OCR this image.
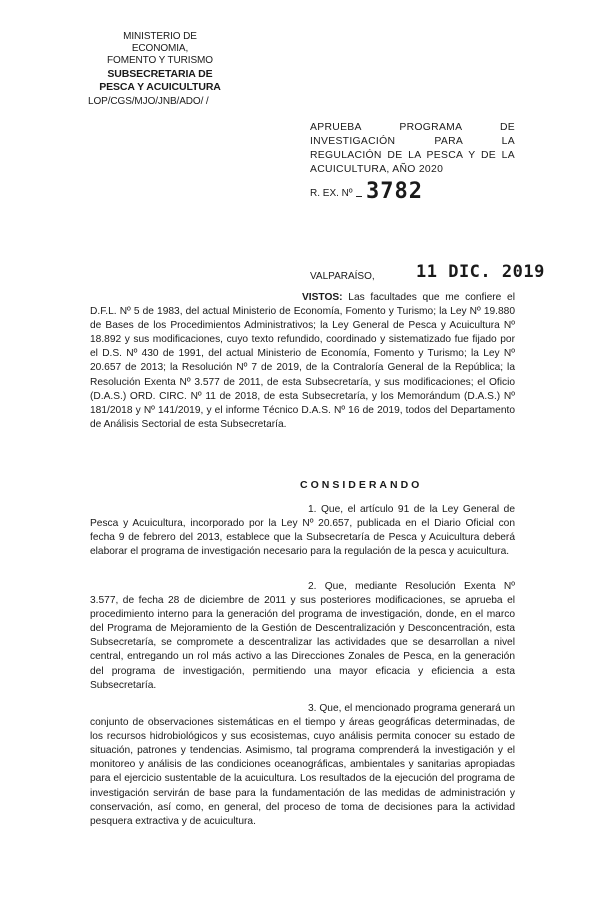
MINISTERIO DE
ECONOMIA,
FOMENTO Y TURISMO
SUBSECRETARIA DE
PESCA Y ACUICULTURA
LOP/CGS/MJO/JNB/ADO/ /
APRUEBA PROGRAMA DE INVESTIGACIÓN PARA LA REGULACIÓN DE LA PESCA Y DE LA ACUICULTURA, AÑO 2020
R. EX. Nº 3782
VALPARAÍSO, 11 DIC. 2019
VISTOS: Las facultades que me confiere el
D.F.L. Nº 5 de 1983, del actual Ministerio de Economía, Fomento y Turismo; la Ley Nº 19.880 de Bases de los Procedimientos Administrativos; la Ley General de Pesca y Acuicultura Nº 18.892 y sus modificaciones, cuyo texto refundido, coordinado y sistematizado fue fijado por el D.S. Nº 430 de 1991, del actual Ministerio de Economía, Fomento y Turismo; la Ley Nº 20.657 de 2013; la Resolución Nº 7 de 2019, de la Contraloría General de la República; la Resolución Exenta Nº 3.577 de 2011, de esta Subsecretaría, y sus modificaciones; el Oficio (D.A.S.) ORD. CIRC. Nº 11 de 2018, de esta Subsecretaría, y los Memorándum (D.A.S.) Nº 181/2018 y Nº 141/2019, y el informe Técnico D.A.S. Nº 16 de 2019, todos del Departamento de Análisis Sectorial de esta Subsecretaría.
CONSIDERANDO
1. Que, el artículo 91 de la Ley General de
Pesca y Acuicultura, incorporado por la Ley Nº 20.657, publicada en el Diario Oficial con fecha 9 de febrero del 2013, establece que la Subsecretaría de Pesca y Acuicultura deberá elaborar el programa de investigación necesario para la regulación de la pesca y acuicultura.
2. Que, mediante Resolución Exenta Nº
3.577, de fecha 28 de diciembre de 2011 y sus posteriores modificaciones, se aprueba el procedimiento interno para la generación del programa de investigación, donde, en el marco del Programa de Mejoramiento de la Gestión de Descentralización y Desconcentración, esta Subsecretaría, se compromete a descentralizar las actividades que se desarrollan a nivel central, entregando un rol más activo a las Direcciones Zonales de Pesca, en la generación del programa de investigación, permitiendo una mayor eficacia y eficiencia a esta Subsecretaría.
3. Que, el mencionado programa generará un
conjunto de observaciones sistemáticas en el tiempo y áreas geográficas determinadas, de los recursos hidrobiológicos y sus ecosistemas, cuyo análisis permita conocer su estado de situación, patrones y tendencias. Asimismo, tal programa comprenderá la investigación y el monitoreo y análisis de las condiciones oceanográficas, ambientales y sanitarias apropiadas para el ejercicio sustentable de la acuicultura. Los resultados de la ejecución del programa de investigación servirán de base para la fundamentación de las medidas de administración y conservación, así como, en general, del proceso de toma de decisiones para la actividad pesquera extractiva y de acuicultura.
